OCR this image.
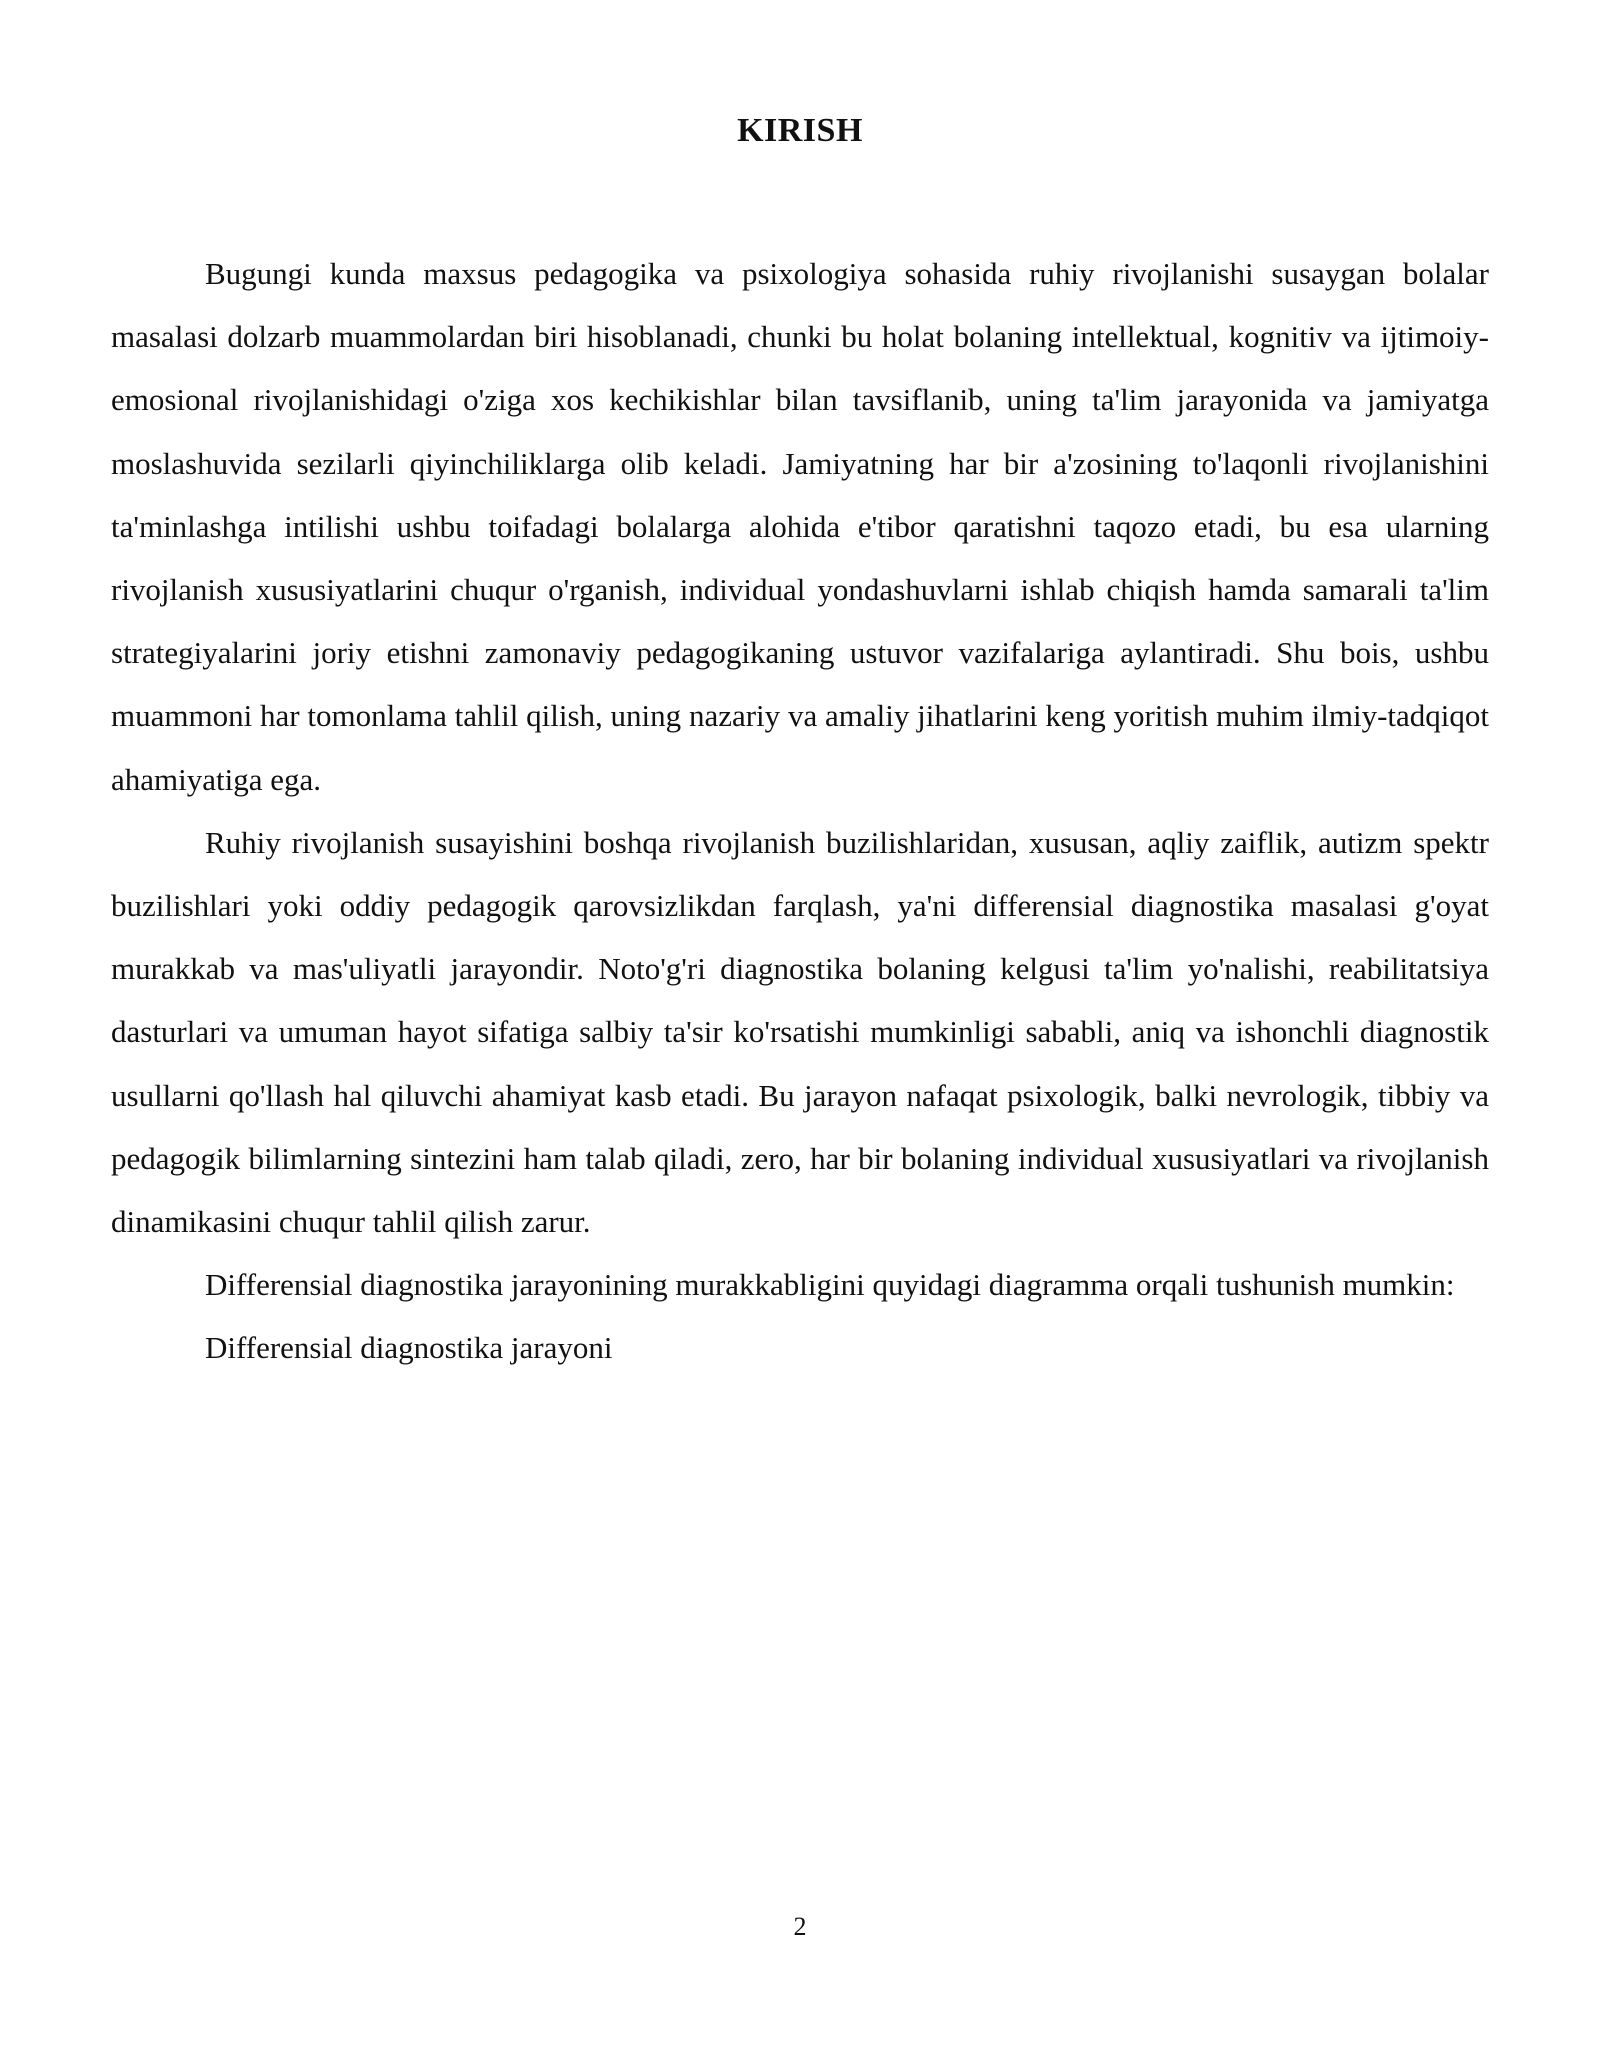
KIRISH

Bugungi kunda maxsus pedagogika va psixologiya sohasida ruhiy rivojlanishi susaygan bolalar masalasi dolzarb muammolardan biri hisoblanadi, chunki bu holat bolaning intellektual, kognitiv va ijtimoiy-emosional rivojlanishidagi o'ziga xos kechikishlar bilan tavsiflanib, uning ta'lim jarayonida va jamiyatga moslashuvida sezilarli qiyinchiliklarga olib keladi. Jamiyatning har bir a'zosining to'laqonli rivojlanishini ta'minlashga intilishi ushbu toifadagi bolalarga alohida e'tibor qaratishni taqozo etadi, bu esa ularning rivojlanish xususiyatlarini chuqur o'rganish, individual yondashuvlarni ishlab chiqish hamda samarali ta'lim strategiyalarini joriy etishni zamonaviy pedagogikaning ustuvor vazifalariga aylantiradi. Shu bois, ushbu muammoni har tomonlama tahlil qilish, uning nazariy va amaliy jihatlarini keng yoritish muhim ilmiy-tadqiqot ahamiyatiga ega.

Ruhiy rivojlanish susayishini boshqa rivojlanish buzilishlaridan, xususan, aqliy zaiflik, autizm spektr buzilishlari yoki oddiy pedagogik qarovsizlikdan farqlash, ya'ni differensial diagnostika masalasi g'oyat murakkab va mas'uliyatli jarayondir. Noto'g'ri diagnostika bolaning kelgusi ta'lim yo'nalishi, reabilitatsiya dasturlari va umuman hayot sifatiga salbiy ta'sir ko'rsatishi mumkinligi sababli, aniq va ishonchli diagnostik usullarni qo'llash hal qiluvchi ahamiyat kasb etadi. Bu jarayon nafaqat psixologik, balki nevrologik, tibbiy va pedagogik bilimlarning sintezini ham talab qiladi, zero, har bir bolaning individual xususiyatlari va rivojlanish dinamikasini chuqur tahlil qilish zarur.

Differensial diagnostika jarayonining murakkabligini quyidagi diagramma orqali tushunish mumkin:

Differensial diagnostika jarayoni

2
